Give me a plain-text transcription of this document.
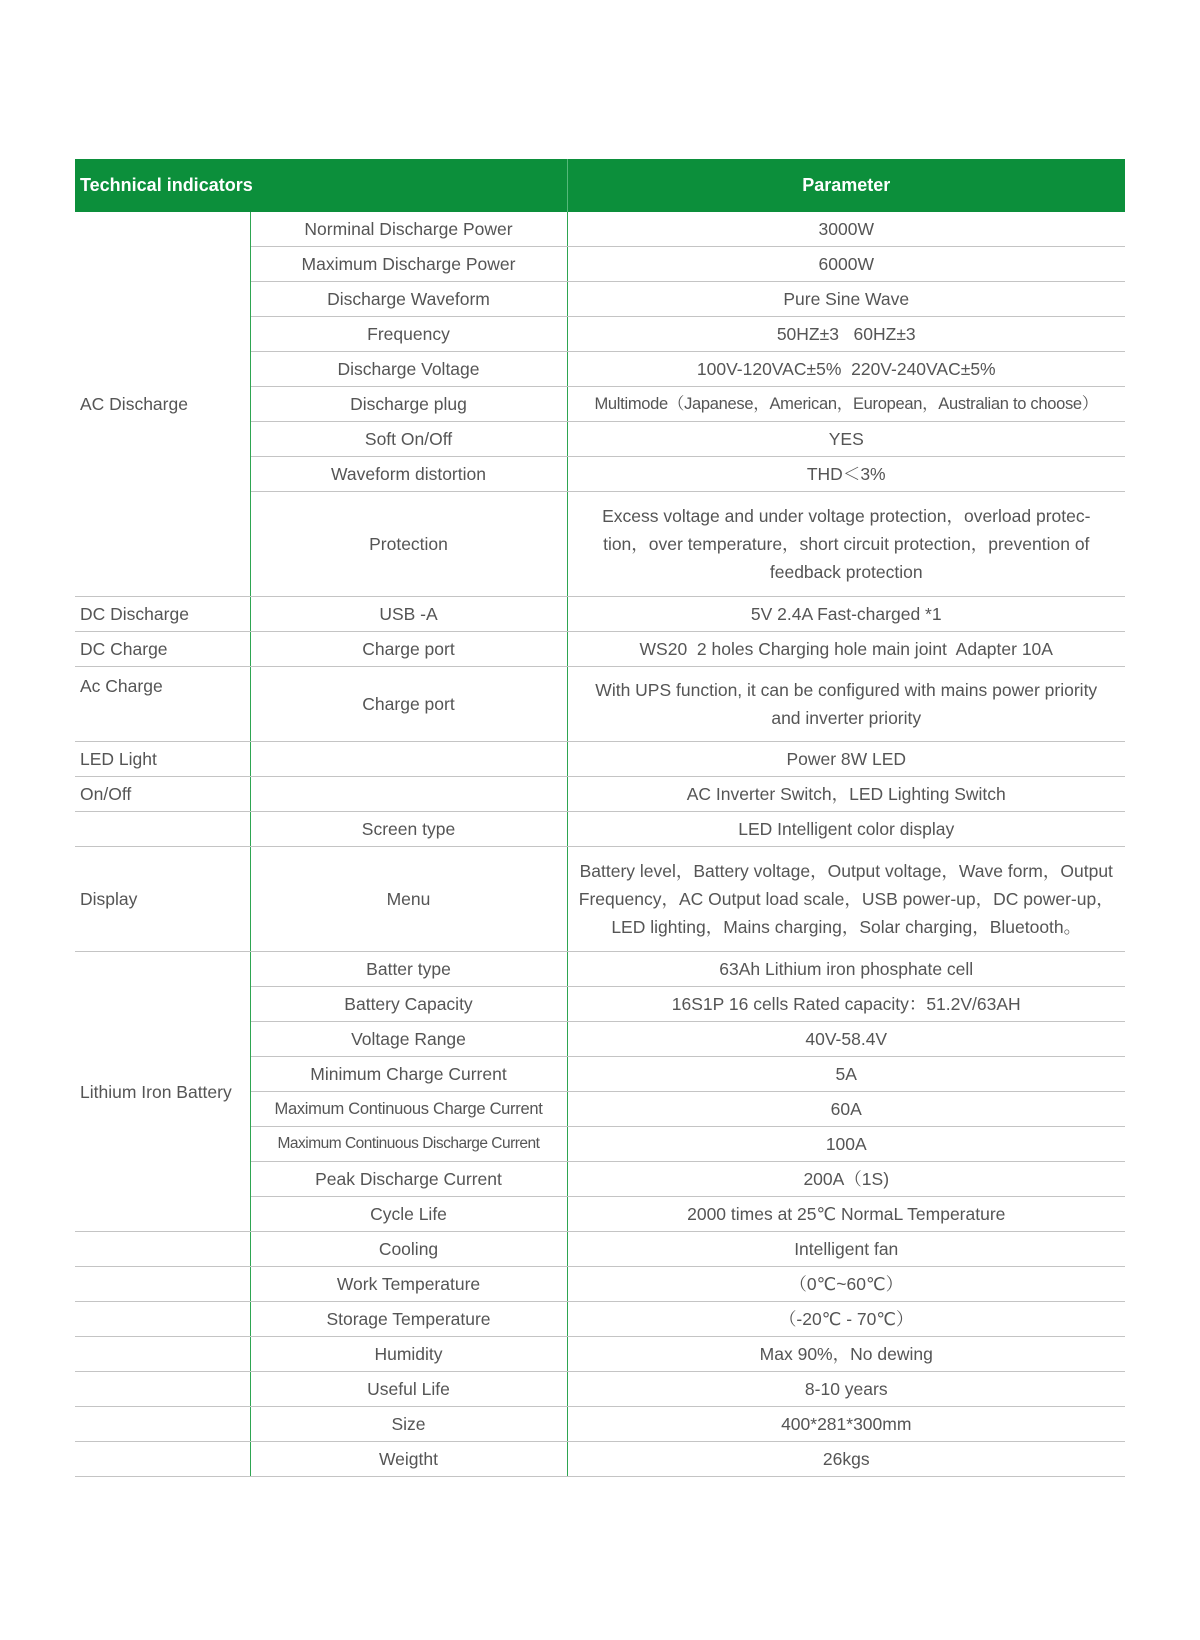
Technical indicators		Parameter
AC Discharge	Norminal Discharge Power	3000W
	Maximum Discharge Power	6000W
	Discharge Waveform	Pure Sine Wave
	Frequency	50HZ±3   60HZ±3
	Discharge Voltage	100V-120VAC±5%  220V-240VAC±5%
	Discharge plug	Multimode（Japanese，American，European，Australian to choose）
	Soft On/Off	YES
	Waveform distortion	THD＜3%
	Protection	Excess voltage and under voltage protection，overload protec-tion，over temperature，short circuit protection，prevention of feedback protection
DC Discharge	USB -A	5V 2.4A Fast-charged *1
DC Charge	Charge port	WS20  2 holes Charging hole main joint  Adapter 10A
Ac Charge	Charge port	With UPS function, it can be configured with mains power priority and inverter priority
LED Light		Power 8W LED
On/Off		AC Inverter Switch，LED Lighting Switch
	Screen type	LED Intelligent color display
Display	Menu	Battery level，Battery voltage，Output voltage，Wave form，Output Frequency，AC Output load scale，USB power-up，DC power-up，LED lighting，Mains charging，Solar charging，Bluetooth。
Lithium Iron Battery	Batter type	63Ah Lithium iron phosphate cell
	Battery Capacity	16S1P 16 cells Rated capacity：51.2V/63AH
	Voltage Range	40V-58.4V
	Minimum Charge Current	5A
	Maximum Continuous Charge Current	60A
	Maximum Continuous Discharge Current	100A
	Peak Discharge Current	200A（1S)
	Cycle Life	2000 times at 25℃ NormaL Temperature
	Cooling	Intelligent fan
	Work Temperature	（0℃~60℃）
	Storage Temperature	（-20℃ - 70℃）
	Humidity	Max 90%，No dewing
	Useful Life	8-10 years
	Size	400*281*300mm
	Weigtht	26kgs
